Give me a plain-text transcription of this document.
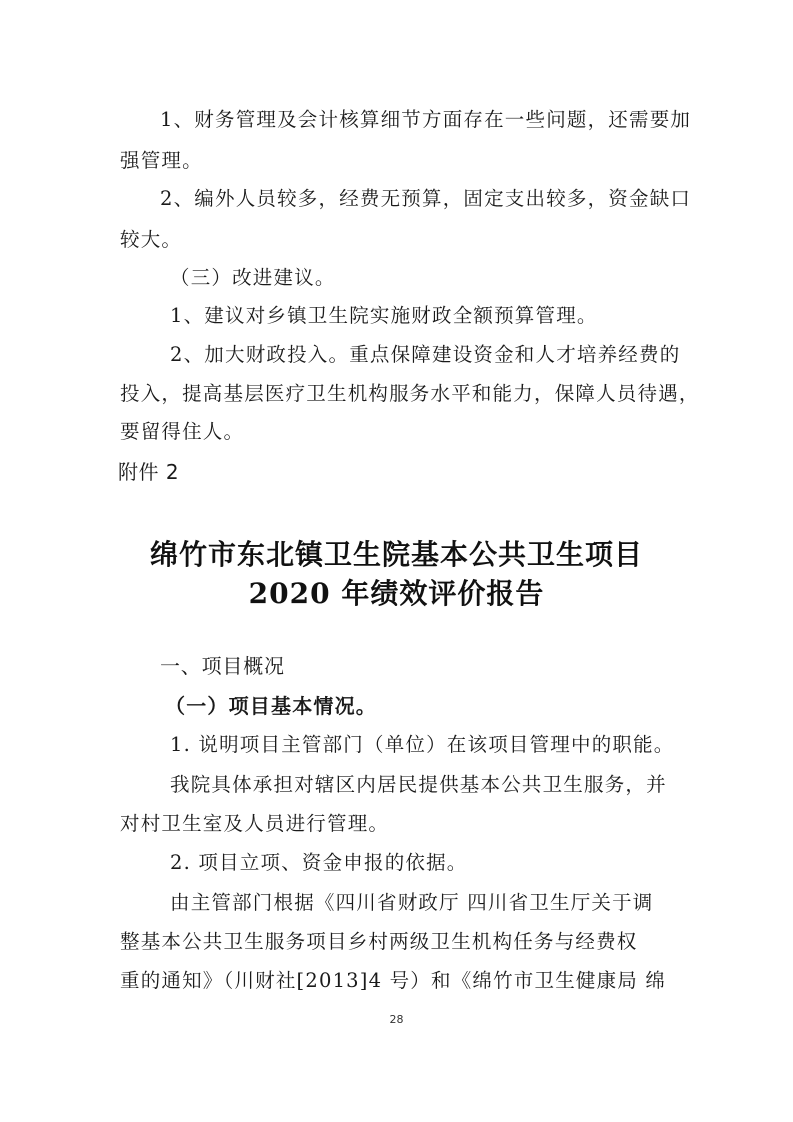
1、财务管理及会计核算细节方面存在一些问题，还需要加
强管理。
2、编外人员较多，经费无预算，固定支出较多，资金缺口
较大。
（三）改进建议。
1、建议对乡镇卫生院实施财政全额预算管理。
2、加大财政投入。重点保障建设资金和人才培养经费的
投入，提高基层医疗卫生机构服务水平和能力，保障人员待遇，
要留得住人。
附件 2
绵竹市东北镇卫生院基本公共卫生项目
2020 年绩效评价报告
一、项目概况
（一）项目基本情况。
1. 说明项目主管部门（单位）在该项目管理中的职能。
我院具体承担对辖区内居民提供基本公共卫生服务，并
对村卫生室及人员进行管理。
2. 项目立项、资金申报的依据。
由主管部门根据《四川省财政厅 四川省卫生厅关于调
整基本公共卫生服务项目乡村两级卫生机构任务与经费权
重的通知》（川财社[2013]4 号）和《绵竹市卫生健康局 绵
28
